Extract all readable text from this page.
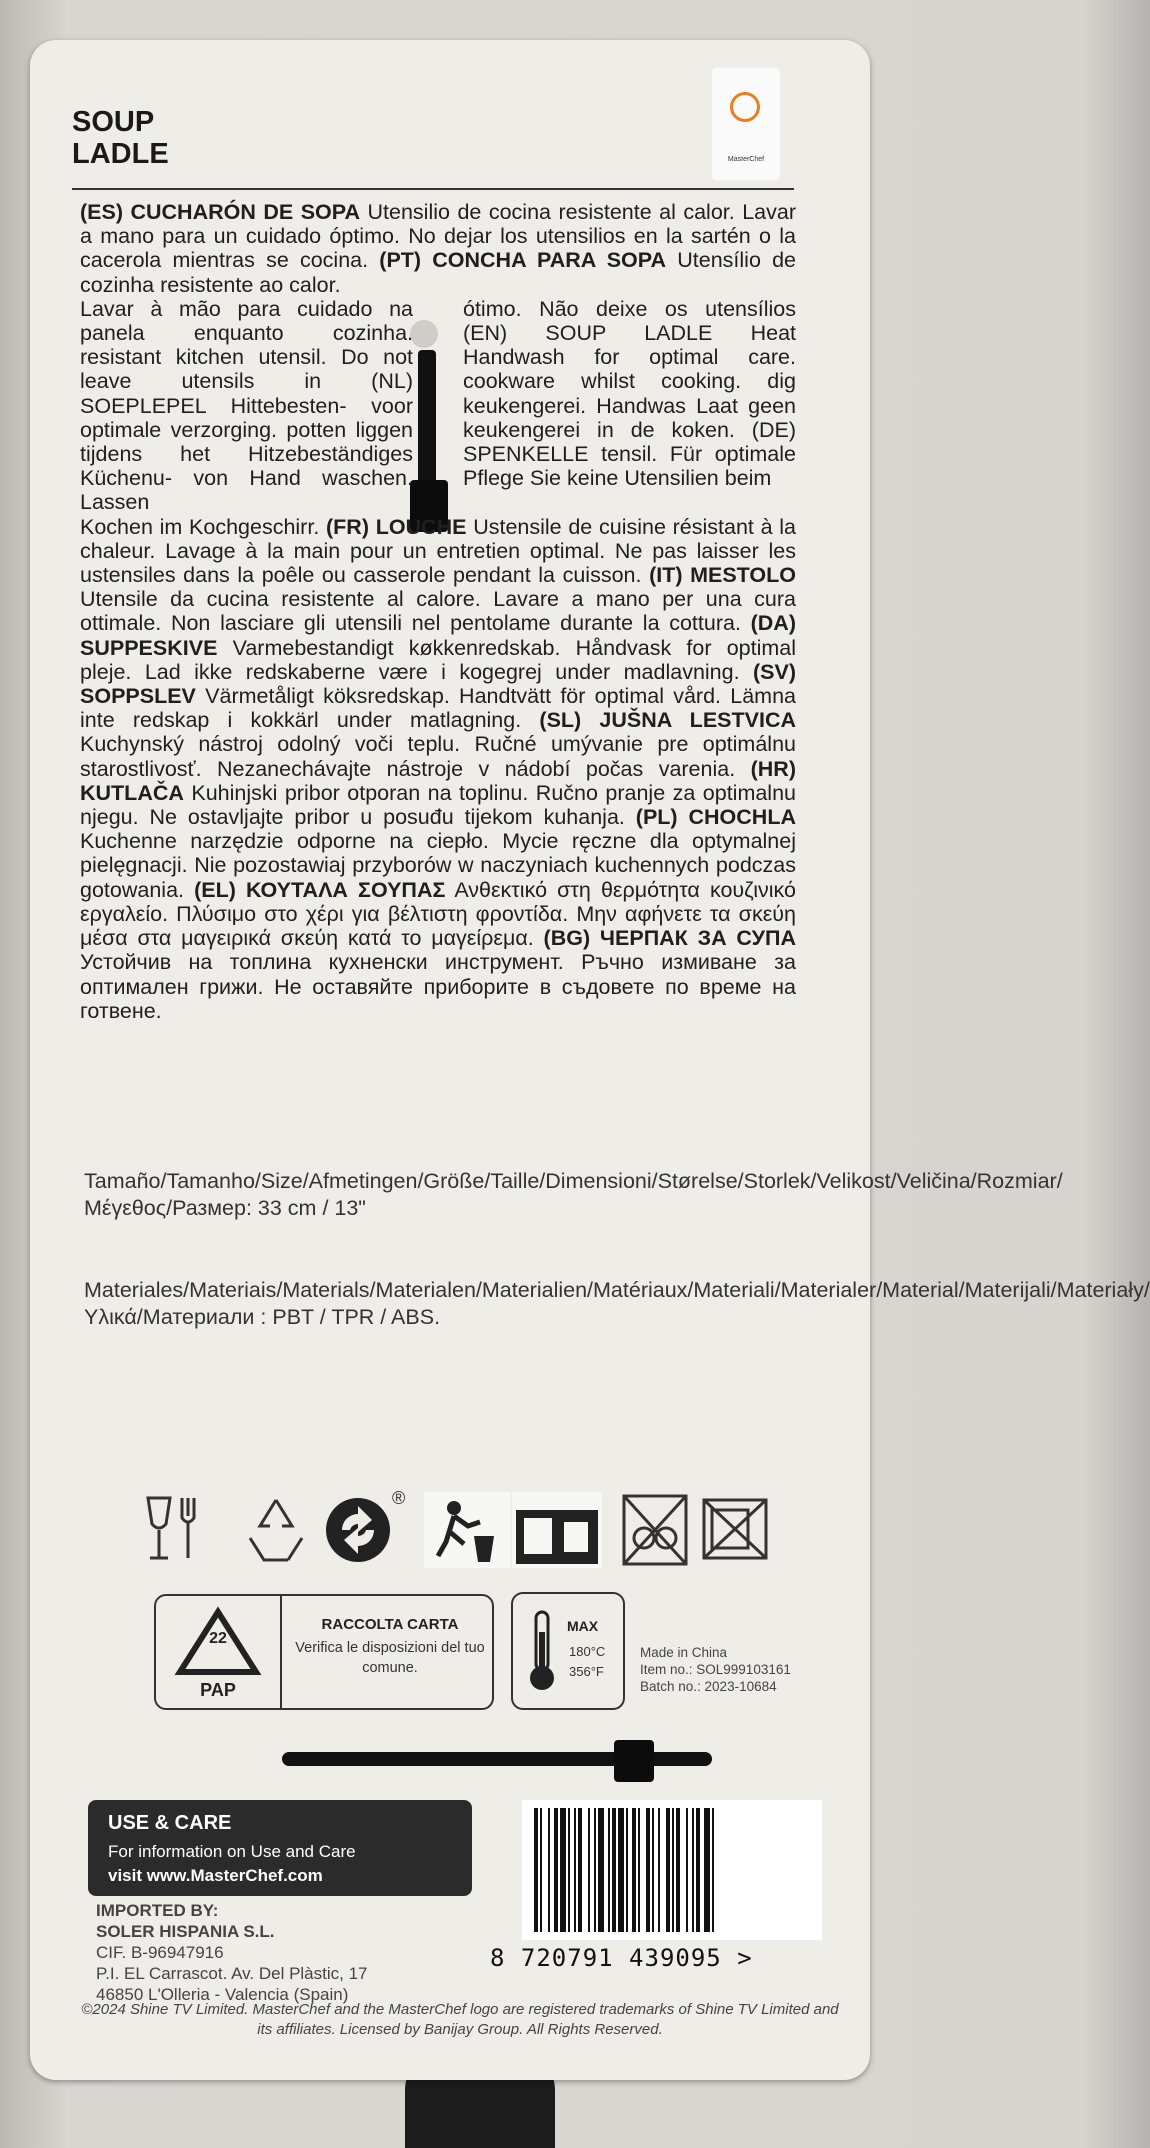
SOUP
LADLE	MasterChef

(ES) CUCHARÓN DE SOPA Utensilio de cocina resistente al calor. Lavar a mano para un cuidado óptimo. No dejar los utensilios en la sartén o la cacerola mientras se cocina. (PT) CONCHA PARA SOPA Utensílio de cozinha resistente ao calor.

Lavar à mão para cuidado na panela enquanto cozinha. resistant kitchen utensil. Do not leave utensils in (NL) SOEPLEPEL Hittebesten- voor optimale verzorging. potten liggen tijdens het Hitzebeständiges Küchenu- von Hand waschen. Lassen

ótimo. Não deixe os utensílios (EN) SOUP LADLE Heat Handwash for optimal care. cookware whilst cooking. dig keukengerei. Handwas Laat geen keukengerei in de koken. (DE) SPENKELLE tensil. Für optimale Pflege Sie keine Utensilien beim

Kochen im Kochgeschirr. (FR) LOUCHE Ustensile de cuisine résistant à la chaleur. Lavage à la main pour un entretien optimal. Ne pas laisser les ustensiles dans la poêle ou casserole pendant la cuisson. (IT) MESTOLO Utensile da cucina resistente al calore. Lavare a mano per una cura ottimale. Non lasciare gli utensili nel pentolame durante la cottura. (DA) SUPPESKIVE Varmebestandigt køkkenredskab. Håndvask for optimal pleje. Lad ikke redskaberne være i kogegrej under madlavning. (SV) SOPPSLEV Värmetåligt köksredskap. Handtvätt för optimal vård. Lämna inte redskap i kokkärl under matlagning. (SL) JUŠNA LESTVICA Kuchynský nástroj odolný voči teplu. Ručné umývanie pre optimálnu starostlivosť. Nezanechávajte nástroje v nádobí počas varenia. (HR) KUTLAČA Kuhinjski pribor otporan na toplinu. Ručno pranje za optimalnu njegu. Ne ostavljajte pribor u posuđu tijekom kuhanja. (PL) CHOCHLA Kuchenne narzędzie odporne na ciepło. Mycie ręczne dla optymalnej pielęgnacji. Nie pozostawiaj przyborów w naczyniach kuchennych podczas gotowania. (EL) ΚΟΥΤΑΛΑ ΣΟΥΠΑΣ Ανθεκτικό στη θερμότητα κουζινικό εργαλείο. Πλύσιμο στο χέρι για βέλτιστη φροντίδα. Μην αφήνετε τα σκεύη μέσα στα μαγειρικά σκεύη κατά το μαγείρεμα. (BG) ЧЕРПАК ЗА СУПА Устойчив на топлина кухненски инструмент. Ръчно измиване за оптимален грижи. Не оставяйте приборите в съдовете по време на готвене.

Tamaño/Tamanho/Size/Afmetingen/Größe/Taille/Dimensioni/Størelse/Storlek/Velikost/Veličina/Rozmiar/Μέγεθος/Размер: 33 cm / 13"
Materiales/Materiais/Materials/Materialen/Materialien/Matériaux/Materiali/Materialer/Material/Materijali/Materiały/Υλικά/Материали : PBT / TPR / ABS.
®
22
PAP
RACCOLTA CARTA
Verifica le disposizioni del tuo comune.
MAX
180°C
356°F
Made in China
Item no.: SOL999103161
Batch no.: 2023-10684
USE & CARE
For information on Use and Care
visit www.MasterChef.com
IMPORTED BY:
SOLER HISPANIA S.L.
CIF. B-96947916
P.I. EL Carrascot. Av. Del Plàstic, 17
46850 L'Olleria - Valencia (Spain)
8 720791 439095 >
©2024 Shine TV Limited. MasterChef and the MasterChef logo are registered trademarks of Shine TV Limited and its affiliates. Licensed by Banijay Group. All Rights Reserved.
